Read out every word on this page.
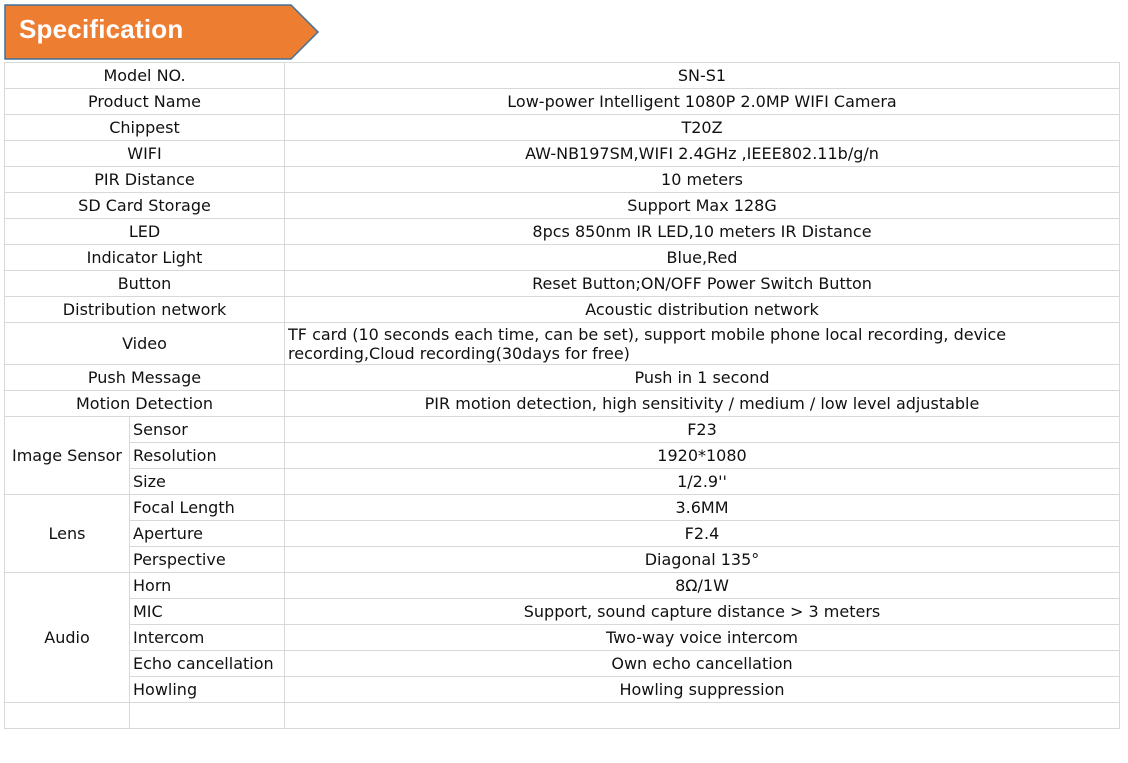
Specification
Model NO.		SN-S1
Product Name		Low-power Intelligent 1080P 2.0MP WIFI Camera
Chippest		T20Z
WIFI		AW-NB197SM,WIFI 2.4GHz ,IEEE802.11b/g/n
PIR Distance		10 meters
SD Card Storage		Support Max 128G
LED		8pcs 850nm IR LED,10 meters IR Distance
Indicator Light		Blue,Red
Button		Reset Button;ON/OFF Power Switch Button
Distribution network		Acoustic distribution network
Video		TF card (10 seconds each time, can be set), support mobile phone local recording, device recording,Cloud recording(30days for free)
Push Message		Push in 1 second
Motion Detection		PIR motion detection, high sensitivity / medium / low level adjustable
Image Sensor	Sensor	F23
	Resolution	1920*1080
	Size	1/2.9''
Lens	Focal Length	3.6MM
	Aperture	F2.4
	Perspective	Diagonal 135°
Audio	Horn	8Ω/1W
	MIC	Support, sound capture distance > 3 meters
	Intercom	Two-way voice intercom
	Echo cancellation	Own echo cancellation
	Howling	Howling suppression
